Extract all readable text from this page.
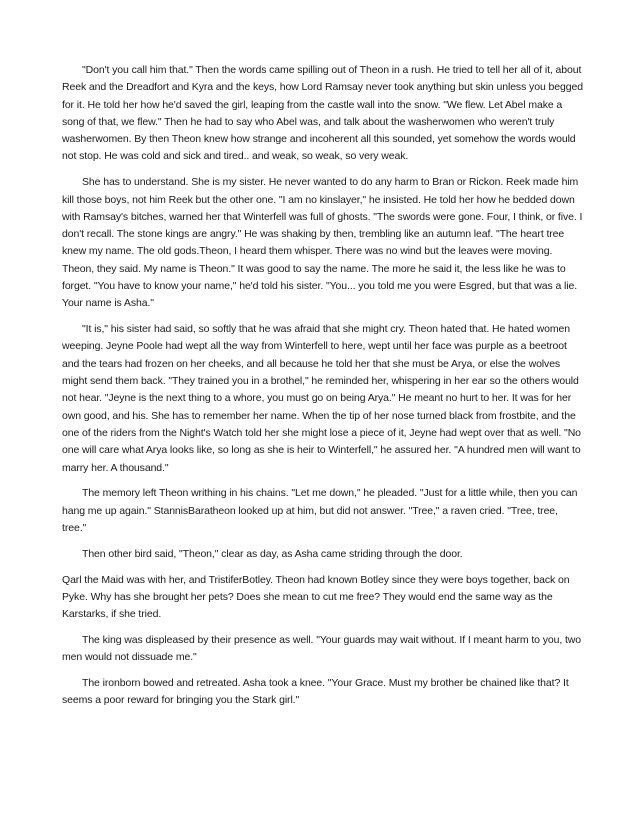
"Don't you call him that." Then the words came spilling out of Theon in a rush. He tried to tell her all of it, about Reek and the Dreadfort and Kyra and the keys, how Lord Ramsay never took anything but skin unless you begged for it. He told her how he'd saved the girl, leaping from the castle wall into the snow. "We flew. Let Abel make a song of that, we flew." Then he had to say who Abel was, and talk about the washerwomen who weren't truly washerwomen. By then Theon knew how strange and incoherent all this sounded, yet somehow the words would not stop. He was cold and sick and tired.. and weak, so weak, so very weak.

She has to understand. She is my sister. He never wanted to do any harm to Bran or Rickon. Reek made him kill those boys, not him Reek but the other one. "I am no kinslayer," he insisted. He told her how he bedded down with Ramsay's bitches, warned her that Winterfell was full of ghosts. "The swords were gone. Four, I think, or five. I don't recall. The stone kings are angry." He was shaking by then, trembling like an autumn leaf. "The heart tree knew my name. The old gods.Theon, I heard them whisper. There was no wind but the leaves were moving. Theon, they said. My name is Theon." It was good to say the name. The more he said it, the less like he was to forget. "You have to know your name," he'd told his sister. "You... you told me you were Esgred, but that was a lie. Your name is Asha."

"It is," his sister had said, so softly that he was afraid that she might cry. Theon hated that. He hated women weeping. Jeyne Poole had wept all the way from Winterfell to here, wept until her face was purple as a beetroot and the tears had frozen on her cheeks, and all because he told her that she must be Arya, or else the wolves might send them back. "They trained you in a brothel," he reminded her, whispering in her ear so the others would not hear. "Jeyne is the next thing to a whore, you must go on being Arya." He meant no hurt to her. It was for her own good, and his. She has to remember her name. When the tip of her nose turned black from frostbite, and the one of the riders from the Night's Watch told her she might lose a piece of it, Jeyne had wept over that as well. "No one will care what Arya looks like, so long as she is heir to Winterfell," he assured her. "A hundred men will want to marry her. A thousand."

The memory left Theon writhing in his chains. "Let me down," he pleaded. "Just for a little while, then you can hang me up again." StannisBaratheon looked up at him, but did not answer. "Tree," a raven cried. "Tree, tree, tree."

Then other bird said, "Theon," clear as day, as Asha came striding through the door.

Qarl the Maid was with her, and TristiferBotley. Theon had known Botley since they were boys together, back on Pyke. Why has she brought her pets? Does she mean to cut me free? They would end the same way as the Karstarks, if she tried.

The king was displeased by their presence as well. "Your guards may wait without. If I meant harm to you, two men would not dissuade me."

The ironborn bowed and retreated. Asha took a knee. "Your Grace. Must my brother be chained like that? It seems a poor reward for bringing you the Stark girl."
